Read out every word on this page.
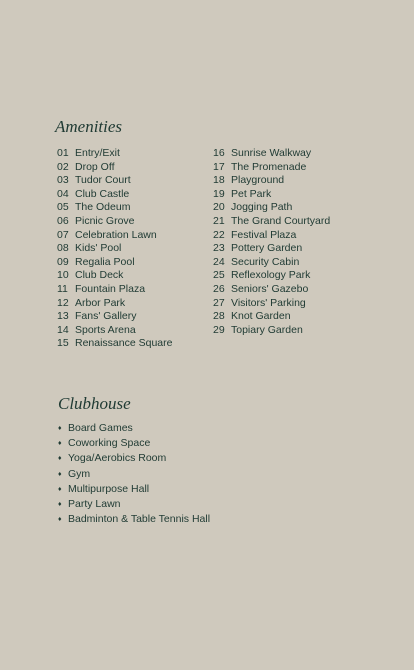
Amenities
01 Entry/Exit
02 Drop Off
03 Tudor Court
04 Club Castle
05 The Odeum
06 Picnic Grove
07 Celebration Lawn
08 Kids' Pool
09 Regalia Pool
10 Club Deck
11 Fountain Plaza
12 Arbor Park
13 Fans' Gallery
14 Sports Arena
15 Renaissance Square
16 Sunrise Walkway
17 The Promenade
18 Playground
19 Pet Park
20 Jogging Path
21 The Grand Courtyard
22 Festival Plaza
23 Pottery Garden
24 Security Cabin
25 Reflexology Park
26 Seniors' Gazebo
27 Visitors' Parking
28 Knot Garden
29 Topiary Garden
Clubhouse
♦ Board Games
♦ Coworking Space
♦ Yoga/Aerobics Room
♦ Gym
♦ Multipurpose Hall
♦ Party Lawn
♦ Badminton & Table Tennis Hall
